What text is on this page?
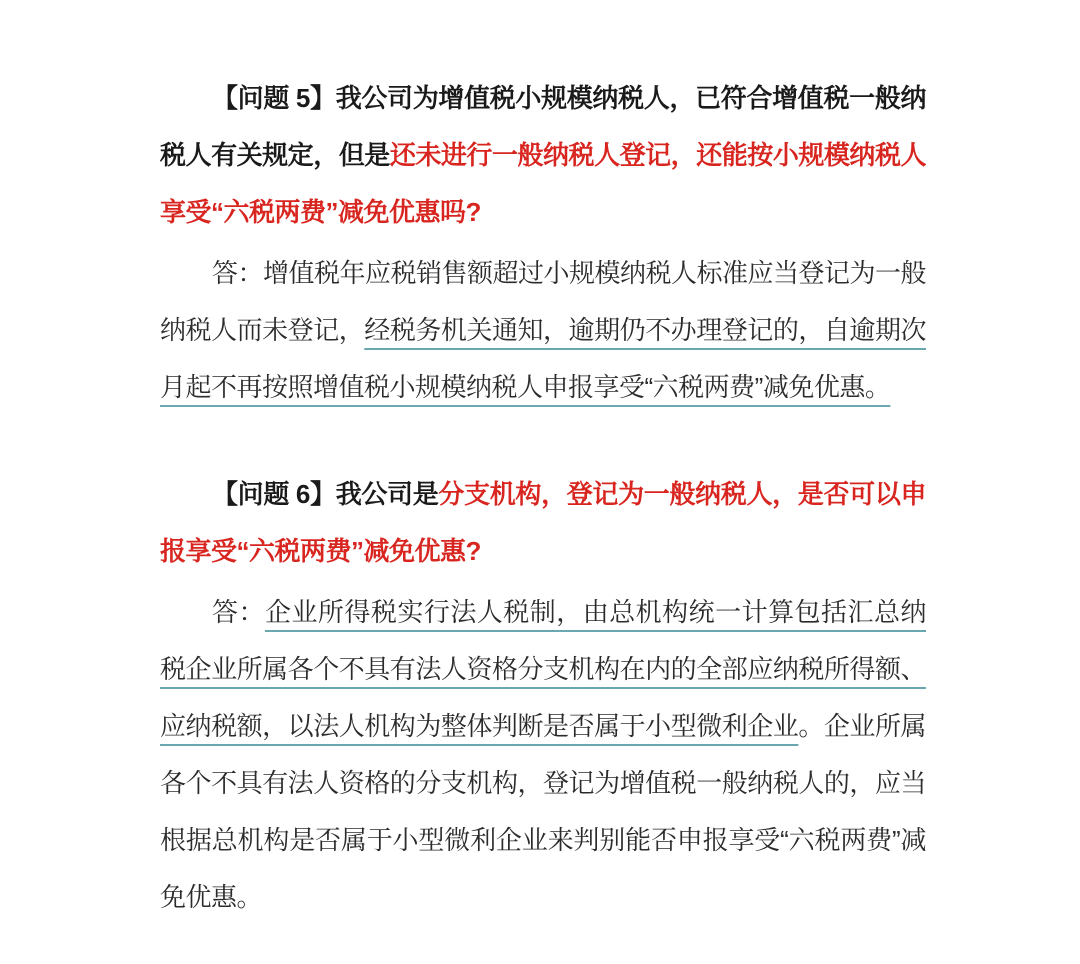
【问题 5】我公司为增值税小规模纳税人，已符合增值税一般纳税人有关规定，但是还未进行一般纳税人登记，还能按小规模纳税人享受“六税两费”减免优惠吗?

答：增值税年应税销售额超过小规模纳税人标准应当登记为一般纳税人而未登记，经税务机关通知，逾期仍不办理登记的，自逾期次月起不再按照增值税小规模纳税人申报享受“六税两费”减免优惠。

【问题 6】我公司是分支机构，登记为一般纳税人，是否可以申报享受“六税两费”减免优惠?

答：企业所得税实行法人税制，由总机构统一计算包括汇总纳税企业所属各个不具有法人资格分支机构在内的全部应纳税所得额、应纳税额，以法人机构为整体判断是否属于小型微利企业。企业所属各个不具有法人资格的分支机构，登记为增值税一般纳税人的，应当根据总机构是否属于小型微利企业来判别能否申报享受“六税两费”减免优惠。
